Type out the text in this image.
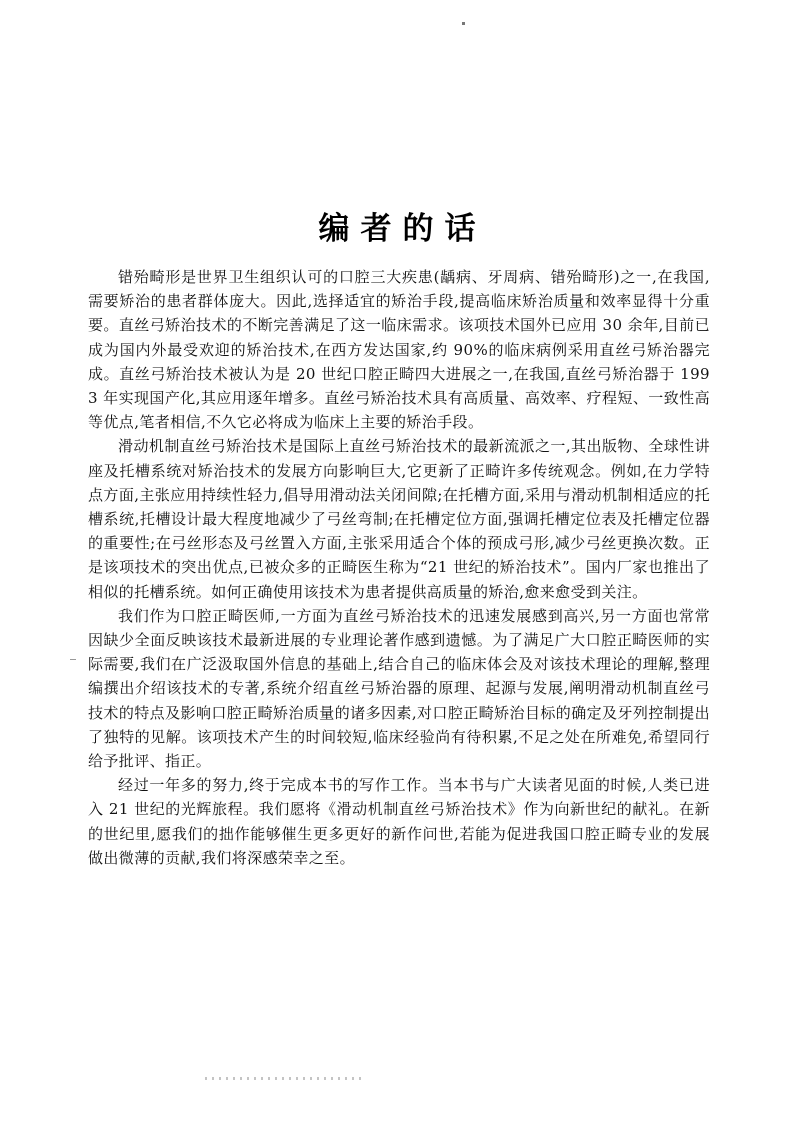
编者的话

错殆畸形是世界卫生组织认可的口腔三大疾患(龋病、牙周病、错殆畸形)之一,在我国,需要矫治的患者群体庞大。因此,选择适宜的矫治手段,提高临床矫治质量和效率显得十分重要。直丝弓矫治技术的不断完善满足了这一临床需求。该项技术国外已应用 30 余年,目前已成为国内外最受欢迎的矫治技术,在西方发达国家,约 90%的临床病例采用直丝弓矫治器完成。直丝弓矫治技术被认为是 20 世纪口腔正畸四大进展之一,在我国,直丝弓矫治器于 1993 年实现国产化,其应用逐年增多。直丝弓矫治技术具有高质量、高效率、疗程短、一致性高等优点,笔者相信,不久它必将成为临床上主要的矫治手段。

滑动机制直丝弓矫治技术是国际上直丝弓矫治技术的最新流派之一,其出版物、全球性讲座及托槽系统对矫治技术的发展方向影响巨大,它更新了正畸许多传统观念。例如,在力学特点方面,主张应用持续性轻力,倡导用滑动法关闭间隙;在托槽方面,采用与滑动机制相适应的托槽系统,托槽设计最大程度地减少了弓丝弯制;在托槽定位方面,强调托槽定位表及托槽定位器的重要性;在弓丝形态及弓丝置入方面,主张采用适合个体的预成弓形,减少弓丝更换次数。正是该项技术的突出优点,已被众多的正畸医生称为“21 世纪的矫治技术”。国内厂家也推出了相似的托槽系统。如何正确使用该技术为患者提供高质量的矫治,愈来愈受到关注。

我们作为口腔正畸医师,一方面为直丝弓矫治技术的迅速发展感到高兴,另一方面也常常因缺少全面反映该技术最新进展的专业理论著作感到遗憾。为了满足广大口腔正畸医师的实际需要,我们在广泛汲取国外信息的基础上,结合自己的临床体会及对该技术理论的理解,整理编撰出介绍该技术的专著,系统介绍直丝弓矫治器的原理、起源与发展,阐明滑动机制直丝弓技术的特点及影响口腔正畸矫治质量的诸多因素,对口腔正畸矫治目标的确定及牙列控制提出了独特的见解。该项技术产生的时间较短,临床经验尚有待积累,不足之处在所难免,希望同行给予批评、指正。

经过一年多的努力,终于完成本书的写作工作。当本书与广大读者见面的时候,人类已进入 21 世纪的光辉旅程。我们愿将《滑动机制直丝弓矫治技术》作为向新世纪的献礼。在新的世纪里,愿我们的拙作能够催生更多更好的新作问世,若能为促进我国口腔正畸专业的发展做出微薄的贡献,我们将深感荣幸之至。
